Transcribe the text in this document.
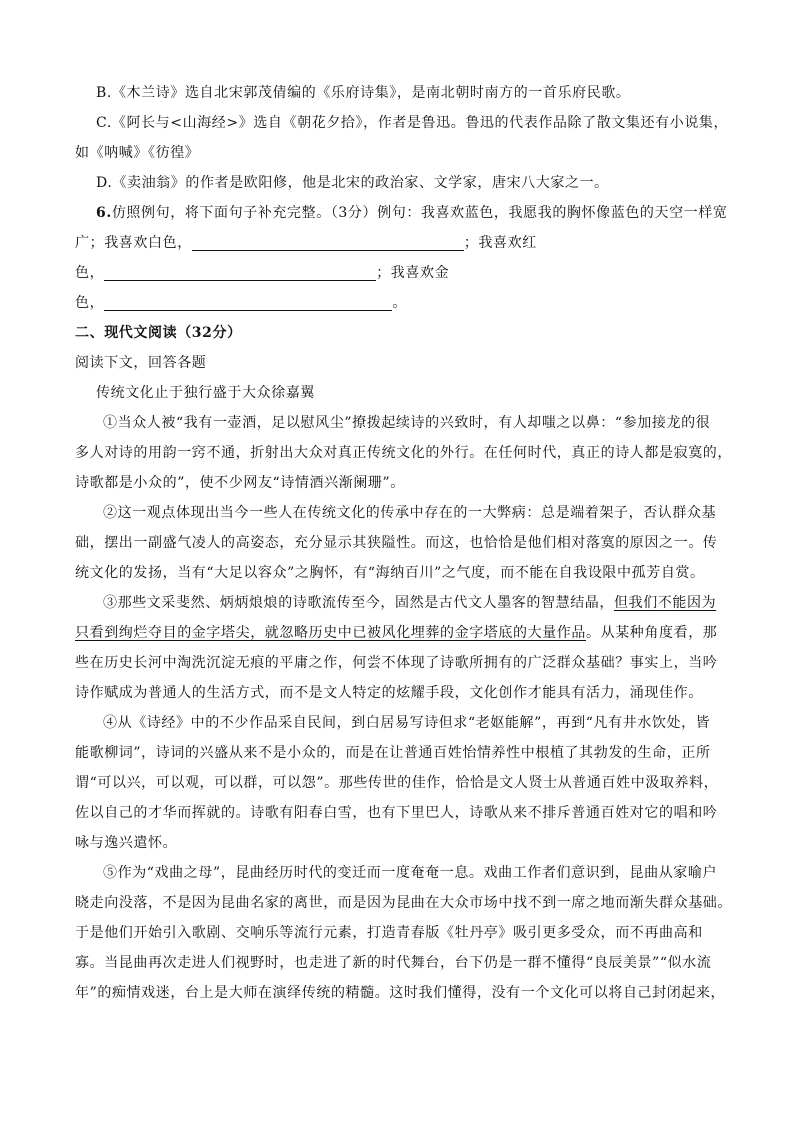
B.《木兰诗》选自北宋郭茂倩编的《乐府诗集》，是南北朝时南方的一首乐府民歌。
C.《阿长与<山海经>》选自《朝花夕拾》，作者是鲁迅。鲁迅的代表作品除了散文集还有小说集，
如《呐喊》《彷徨》
D.《卖油翁》的作者是欧阳修，他是北宋的政治家、文学家，唐宋八大家之一。
6.仿照例句，将下面句子补充完整。（3分）例句：我喜欢蓝色，我愿我的胸怀像蓝色的天空一样宽
广；我喜欢白色，	；我喜欢红
色，	；我喜欢金
色，	。
二、现代文阅读（32分）
阅读下文，回答各题
传统文化止于独行盛于大众徐嘉翼
①当众人被“我有一壶酒，足以慰风尘”撩拨起续诗的兴致时，有人却嗤之以鼻：“参加接龙的很
多人对诗的用韵一窍不通，折射出大众对真正传统文化的外行。在任何时代，真正的诗人都是寂寞的，
诗歌都是小众的”，使不少网友“诗情酒兴渐阑珊”。
②这一观点体现出当今一些人在传统文化的传承中存在的一大弊病：总是端着架子，否认群众基
础，摆出一副盛气凌人的高姿态，充分显示其狭隘性。而这，也恰恰是他们相对落寞的原因之一。传
统文化的发扬，当有“大足以容众”之胸怀，有“海纳百川”之气度，而不能在自我设限中孤芳自赏。
③那些文采斐然、炳炳烺烺的诗歌流传至今，固然是古代文人墨客的智慧结晶，但我们不能因为
只看到绚烂夺目的金字塔尖，就忽略历史中已被风化埋葬的金字塔底的大量作品。从某种角度看，那
些在历史长河中淘洗沉淀无痕的平庸之作，何尝不体现了诗歌所拥有的广泛群众基础？事实上，当吟
诗作赋成为普通人的生活方式，而不是文人特定的炫耀手段，文化创作才能具有活力，涌现佳作。
④从《诗经》中的不少作品采自民间，到白居易写诗但求“老妪能解”，再到“凡有井水饮处，皆
能歌柳词”，诗词的兴盛从来不是小众的，而是在让普通百姓怡情养性中根植了其勃发的生命，正所
谓“可以兴，可以观，可以群，可以怨”。那些传世的佳作，恰恰是文人贤士从普通百姓中汲取养料，
佐以自己的才华而挥就的。诗歌有阳春白雪，也有下里巴人，诗歌从来不排斥普通百姓对它的唱和吟
咏与逸兴遣怀。
⑤作为“戏曲之母”，昆曲经历时代的变迁而一度奄奄一息。戏曲工作者们意识到，昆曲从家喻户
晓走向没落，不是因为昆曲名家的离世，而是因为昆曲在大众市场中找不到一席之地而渐失群众基础。
于是他们开始引入歌剧、交响乐等流行元素，打造青春版《牡丹亭》吸引更多受众，而不再曲高和
寡。当昆曲再次走进人们视野时，也走进了新的时代舞台，台下仍是一群不懂得“良辰美景”“似水流
年”的痴情戏迷，台上是大师在演绎传统的精髓。这时我们懂得，没有一个文化可以将自己封闭起来，
